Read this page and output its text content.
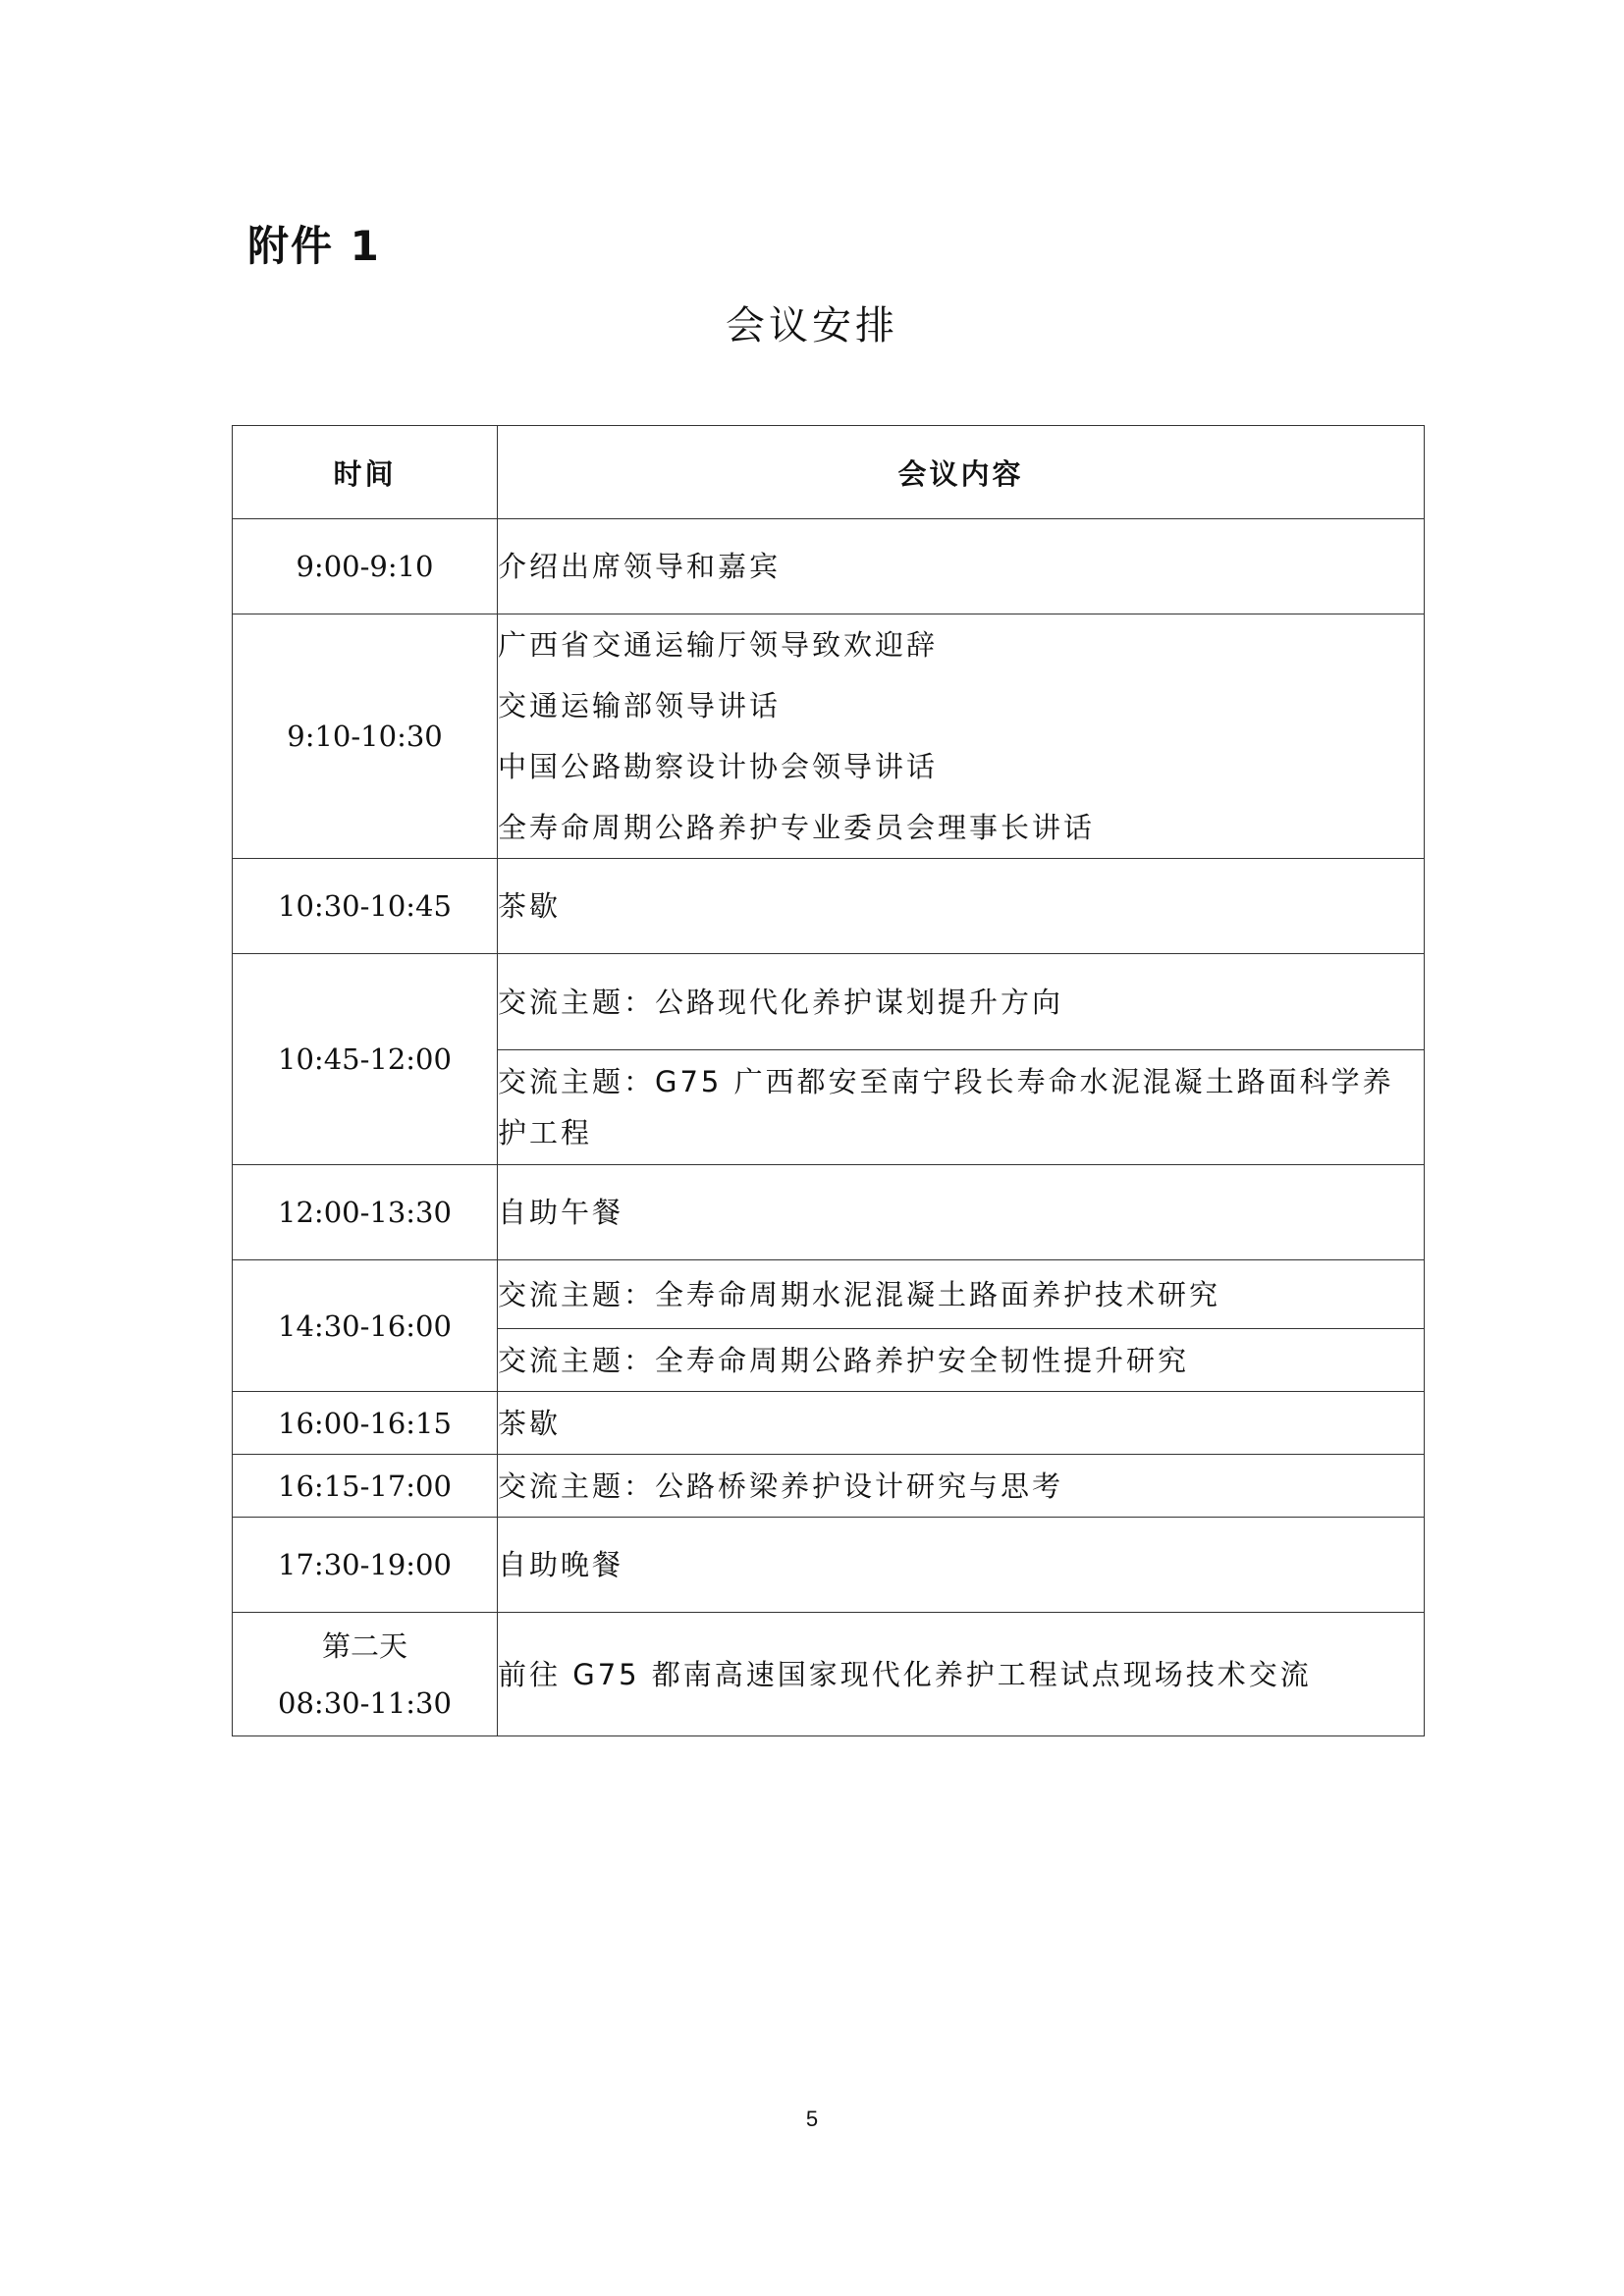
附件 1
会议安排
时间	会议内容
9:00-9:10	介绍出席领导和嘉宾

9:10-10:30	广西省交通运输厅领导致欢迎辞
交通运输部领导讲话
中国公路勘察设计协会领导讲话
全寿命周期公路养护专业委员会理事长讲话

10:30-10:45	茶歇

10:45-12:00	交流主题：公路现代化养护谋划提升方向

	交流主题：G75 广西都安至南宁段长寿命水泥混凝土路面科学养护工程

12:00-13:30	自助午餐

14:30-16:00	交流主题：全寿命周期水泥混凝土路面养护技术研究

	交流主题：全寿命周期公路养护安全韧性提升研究

16:00-16:15	茶歇

16:15-17:00	交流主题：公路桥梁养护设计研究与思考

17:30-19:00	自助晚餐

第二天
08:30-11:30	前往 G75 都南高速国家现代化养护工程试点现场技术交流
5
